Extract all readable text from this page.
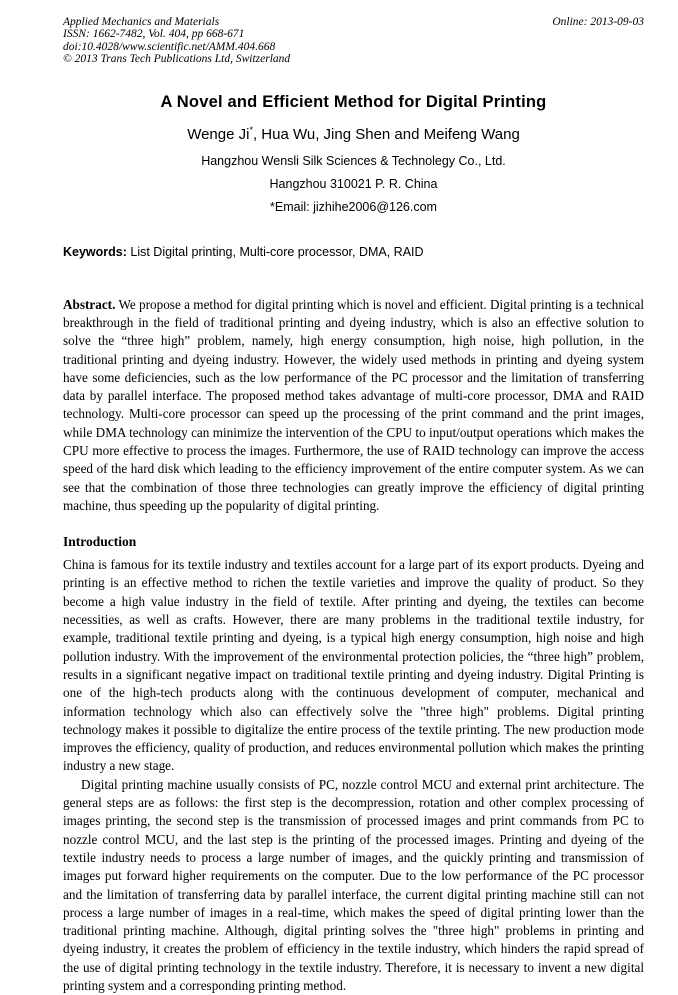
Applied Mechanics and Materials
ISSN: 1662-7482, Vol. 404, pp 668-671
doi:10.4028/www.scientific.net/AMM.404.668
© 2013 Trans Tech Publications Ltd, Switzerland
Online: 2013-09-03
A Novel and Efficient Method for Digital Printing
Wenge Ji*, Hua Wu, Jing Shen and Meifeng Wang
Hangzhou Wensli Silk Sciences & Technolegy Co., Ltd.
Hangzhou 310021 P. R. China
*Email: jizhihe2006@126.com
Keywords: List Digital printing, Multi-core processor, DMA, RAID

Abstract. We propose a method for digital printing which is novel and efficient. Digital printing is a technical breakthrough in the field of traditional printing and dyeing industry, which is also an effective solution to solve the “three high” problem, namely, high energy consumption, high noise, high pollution, in the traditional printing and dyeing industry. However, the widely used methods in printing and dyeing system have some deficiencies, such as the low performance of the PC processor and the limitation of transferring data by parallel interface. The proposed method takes advantage of multi-core processor, DMA and RAID technology. Multi-core processor can speed up the processing of the print command and the print images, while DMA technology can minimize the intervention of the CPU to input/output operations which makes the CPU more effective to process the images. Furthermore, the use of RAID technology can improve the access speed of the hard disk which leading to the efficiency improvement of the entire computer system. As we can see that the combination of those three technologies can greatly improve the efficiency of digital printing machine, thus speeding up the popularity of digital printing.

Introduction

China is famous for its textile industry and textiles account for a large part of its export products. Dyeing and printing is an effective method to richen the textile varieties and improve the quality of product. So they become a high value industry in the field of textile. After printing and dyeing, the textiles can become necessities, as well as crafts. However, there are many problems in the traditional textile industry, for example, traditional textile printing and dyeing, is a typical high energy consumption, high noise and high pollution industry. With the improvement of the environmental protection policies, the “three high” problem, results in a significant negative impact on traditional textile printing and dyeing industry. Digital Printing is one of the high-tech products along with the continuous development of computer, mechanical and information technology which also can effectively solve the "three high" problems. Digital printing technology makes it possible to digitalize the entire process of the textile printing. The new production mode improves the efficiency, quality of production, and reduces environmental pollution which makes the printing industry a new stage.

Digital printing machine usually consists of PC, nozzle control MCU and external print architecture. The general steps are as follows: the first step is the decompression, rotation and other complex processing of images printing, the second step is the transmission of processed images and print commands from PC to nozzle control MCU, and the last step is the printing of the processed images. Printing and dyeing of the textile industry needs to process a large number of images, and the quickly printing and transmission of images put forward higher requirements on the computer. Due to the low performance of the PC processor and the limitation of transferring data by parallel interface, the current digital printing machine still can not process a large number of images in a real-time, which makes the speed of digital printing lower than the traditional printing machine. Although, digital printing solves the "three high" problems in printing and dyeing industry, it creates the problem of efficiency in the textile industry, which hinders the rapid spread of the use of digital printing technology in the textile industry. Therefore, it is necessary to invent a new digital printing system and a corresponding printing method.
